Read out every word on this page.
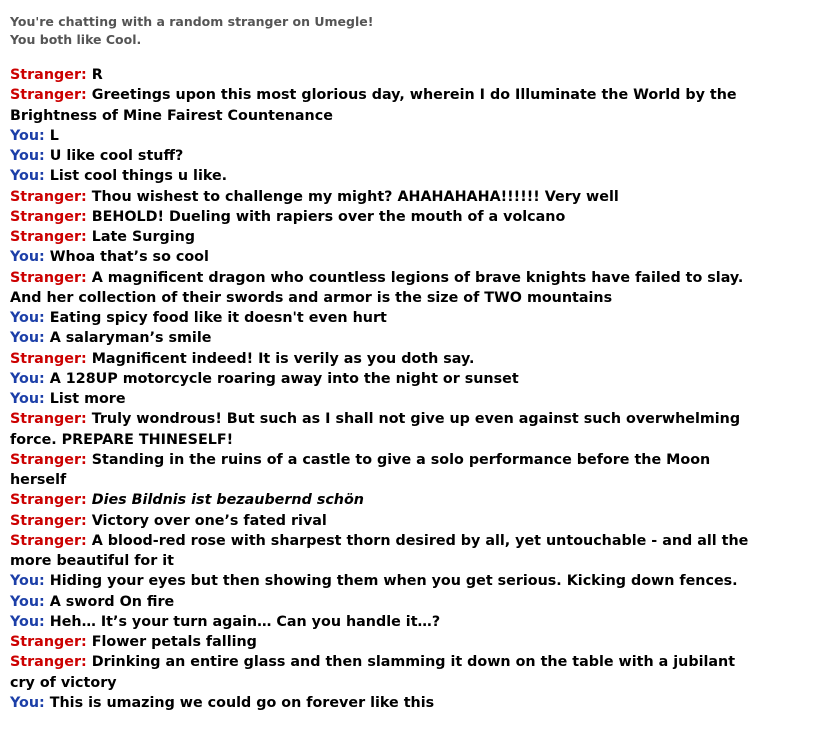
You're chatting with a random stranger on Umegle!
You both like Cool.

Stranger: R

Stranger: Greetings upon this most glorious day, wherein I do Illuminate the World by the Brightness of Mine Fairest Countenance

You: L

You: U like cool stuff?

You: List cool things u like.

Stranger: Thou wishest to challenge my might? AHAHAHAHA!!!!!! Very well

Stranger: BEHOLD! Dueling with rapiers over the mouth of a volcano

Stranger: Late Surging

You: Whoa that’s so cool

Stranger: A magnificent dragon who countless legions of brave knights have failed to slay. And her collection of their swords and armor is the size of TWO mountains

You: Eating spicy food like it doesn't even hurt

You: A salaryman’s smile

Stranger: Magnificent indeed! It is verily as you doth say.

You: A 128UP motorcycle roaring away into the night or sunset

You: List more

Stranger: Truly wondrous! But such as I shall not give up even against such overwhelming force. PREPARE THINESELF!

Stranger: Standing in the ruins of a castle to give a solo performance before the Moon herself

Stranger: Dies Bildnis ist bezaubernd schön

Stranger: Victory over one’s fated rival

Stranger: A blood-red rose with sharpest thorn desired by all, yet untouchable - and all the more beautiful for it

You: Hiding your eyes but then showing them when you get serious. Kicking down fences.

You: A sword On fire

You: Heh… It’s your turn again… Can you handle it…?

Stranger: Flower petals falling

Stranger: Drinking an entire glass and then slamming it down on the table with a jubilant cry of victory

You: This is umazing we could go on forever like this
